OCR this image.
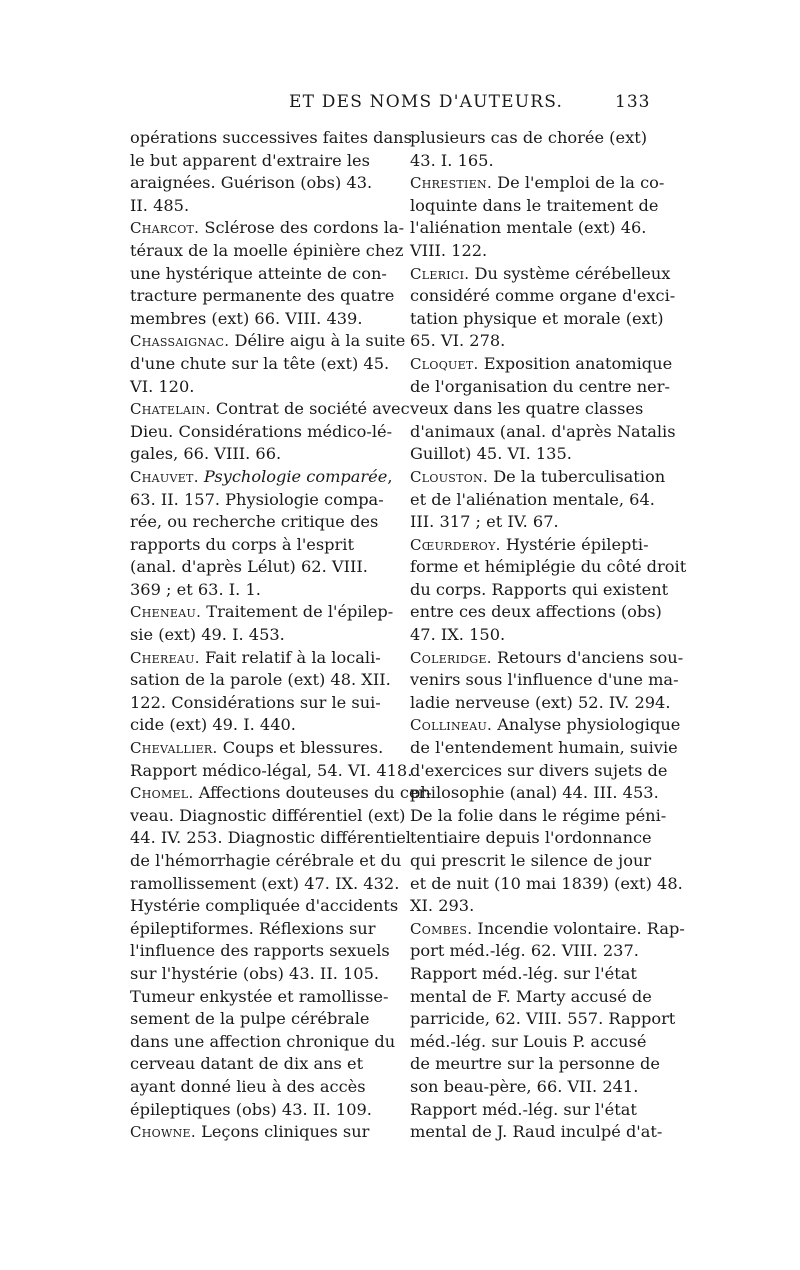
ET DES NOMS D'AUTEURS.	133
opérations successives faites dans
le but apparent d'extraire les
araignées. Guérison (obs) 43.
II. 485.
Charcot. Sclérose des cordons la-
téraux de la moelle épinière chez
une hystérique atteinte de con-
tracture permanente des quatre
membres (ext) 66. VIII. 439.
Chassaignac. Délire aigu à la suite
d'une chute sur la tête (ext) 45.
VI. 120.
Chatelain. Contrat de société avec
Dieu. Considérations médico-lé-
gales, 66. VIII. 66.
Chauvet. Psychologie comparée,
63. II. 157. Physiologie compa-
rée, ou recherche critique des
rapports du corps à l'esprit
(anal. d'après Lélut) 62. VIII.
369 ; et 63. I. 1.
Cheneau. Traitement de l'épilep-
sie (ext) 49. I. 453.
Chereau. Fait relatif à la locali-
sation de la parole (ext) 48. XII.
122. Considérations sur le sui-
cide (ext) 49. I. 440.
Chevallier. Coups et blessures.
Rapport médico-légal, 54. VI. 418.
Chomel. Affections douteuses du cer-
veau. Diagnostic différentiel (ext)
44. IV. 253. Diagnostic différentiel
de l'hémorrhagie cérébrale et du
ramollissement (ext) 47. IX. 432.
Hystérie compliquée d'accidents
épileptiformes. Réflexions sur
l'influence des rapports sexuels
sur l'hystérie (obs) 43. II. 105.
Tumeur enkystée et ramollisse-
sement de la pulpe cérébrale
dans une affection chronique du
cerveau datant de dix ans et
ayant donné lieu à des accès
épileptiques (obs) 43. II. 109.
Chowne. Leçons cliniques sur
plusieurs cas de chorée (ext)
43. I. 165.
Chrestien. De l'emploi de la co-
loquinte dans le traitement de
l'aliénation mentale (ext) 46.
VIII. 122.
Clerici. Du système cérébelleux
considéré comme organe d'exci-
tation physique et morale (ext)
65. VI. 278.
Cloquet. Exposition anatomique
de l'organisation du centre ner-
veux dans les quatre classes
d'animaux (anal. d'après Natalis
Guillot) 45. VI. 135.
Clouston. De la tuberculisation
et de l'aliénation mentale, 64.
III. 317 ; et IV. 67.
Cœurderoy. Hystérie épilepti-
forme et hémiplégie du côté droit
du corps. Rapports qui existent
entre ces deux affections (obs)
47. IX. 150.
Coleridge. Retours d'anciens sou-
venirs sous l'influence d'une ma-
ladie nerveuse (ext) 52. IV. 294.
Collineau. Analyse physiologique
de l'entendement humain, suivie
d'exercices sur divers sujets de
philosophie (anal) 44. III. 453.
De la folie dans le régime péni-
tentiaire depuis l'ordonnance
qui prescrit le silence de jour
et de nuit (10 mai 1839) (ext) 48.
XI. 293.
Combes. Incendie volontaire. Rap-
port méd.-lég. 62. VIII. 237.
Rapport méd.-lég. sur l'état
mental de F. Marty accusé de
parricide, 62. VIII. 557. Rapport
méd.-lég. sur Louis P. accusé
de meurtre sur la personne de
son beau-père, 66. VII. 241.
Rapport méd.-lég. sur l'état
mental de J. Raud inculpé d'at-
